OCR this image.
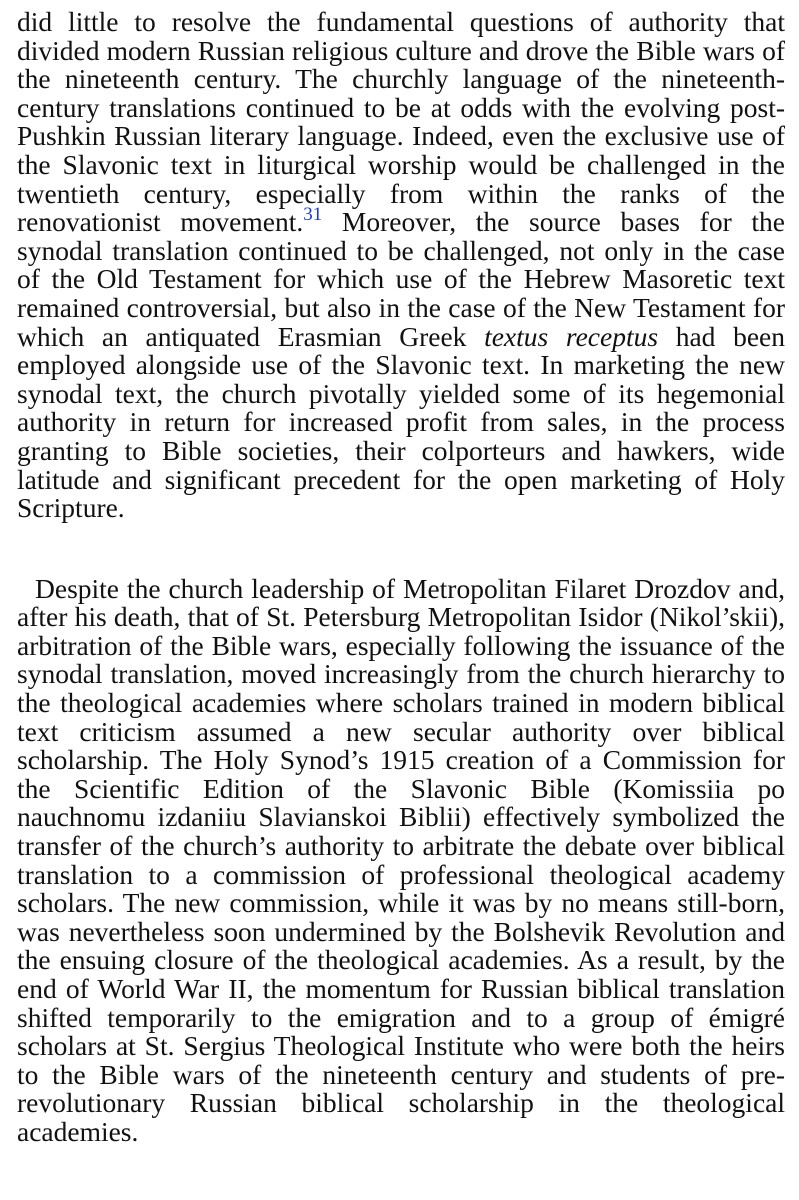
did little to resolve the fundamental questions of authority that divided modern Russian religious culture and drove the Bible wars of the nineteenth century. The churchly language of the nineteenth-century translations continued to be at odds with the evolving post-Pushkin Russian literary language. Indeed, even the exclusive use of the Slavonic text in liturgical worship would be challenged in the twentieth century, especially from within the ranks of the renovationist movement.$^{31}$ Moreover, the source bases for the synodal translation continued to be challenged, not only in the case of the Old Testament for which use of the Hebrew Masoretic text remained controversial, but also in the case of the New Testament for which an antiquated Erasmian Greek textus receptus had been employed alongside use of the Slavonic text. In marketing the new synodal text, the church pivotally yielded some of its hegemonial authority in return for increased profit from sales, in the process granting to Bible societies, their colporteurs and hawkers, wide latitude and significant precedent for the open marketing of Holy Scripture.

Despite the church leadership of Metropolitan Filaret Drozdov and, after his death, that of St. Petersburg Metropolitan Isidor (Nikol’skii), arbitration of the Bible wars, especially following the issuance of the synodal translation, moved increasingly from the church hierarchy to the theological academies where scholars trained in modern biblical text criticism assumed a new secular authority over biblical scholarship. The Holy Synod’s 1915 creation of a Commission for the Scientific Edition of the Slavonic Bible (Komissiia po nauchnomu izdaniiu Slavianskoi Biblii) effectively symbolized the transfer of the church’s authority to arbitrate the debate over biblical translation to a commission of professional theological academy scholars. The new commission, while it was by no means still-born, was nevertheless soon undermined by the Bolshevik Revolution and the ensuing closure of the theological academies. As a result, by the end of World War II, the momentum for Russian biblical translation shifted temporarily to the emigration and to a group of émigré scholars at St. Sergius Theological Institute who were both the heirs to the Bible wars of the nineteenth century and students of pre-revolutionary Russian biblical scholarship in the theological academies.
